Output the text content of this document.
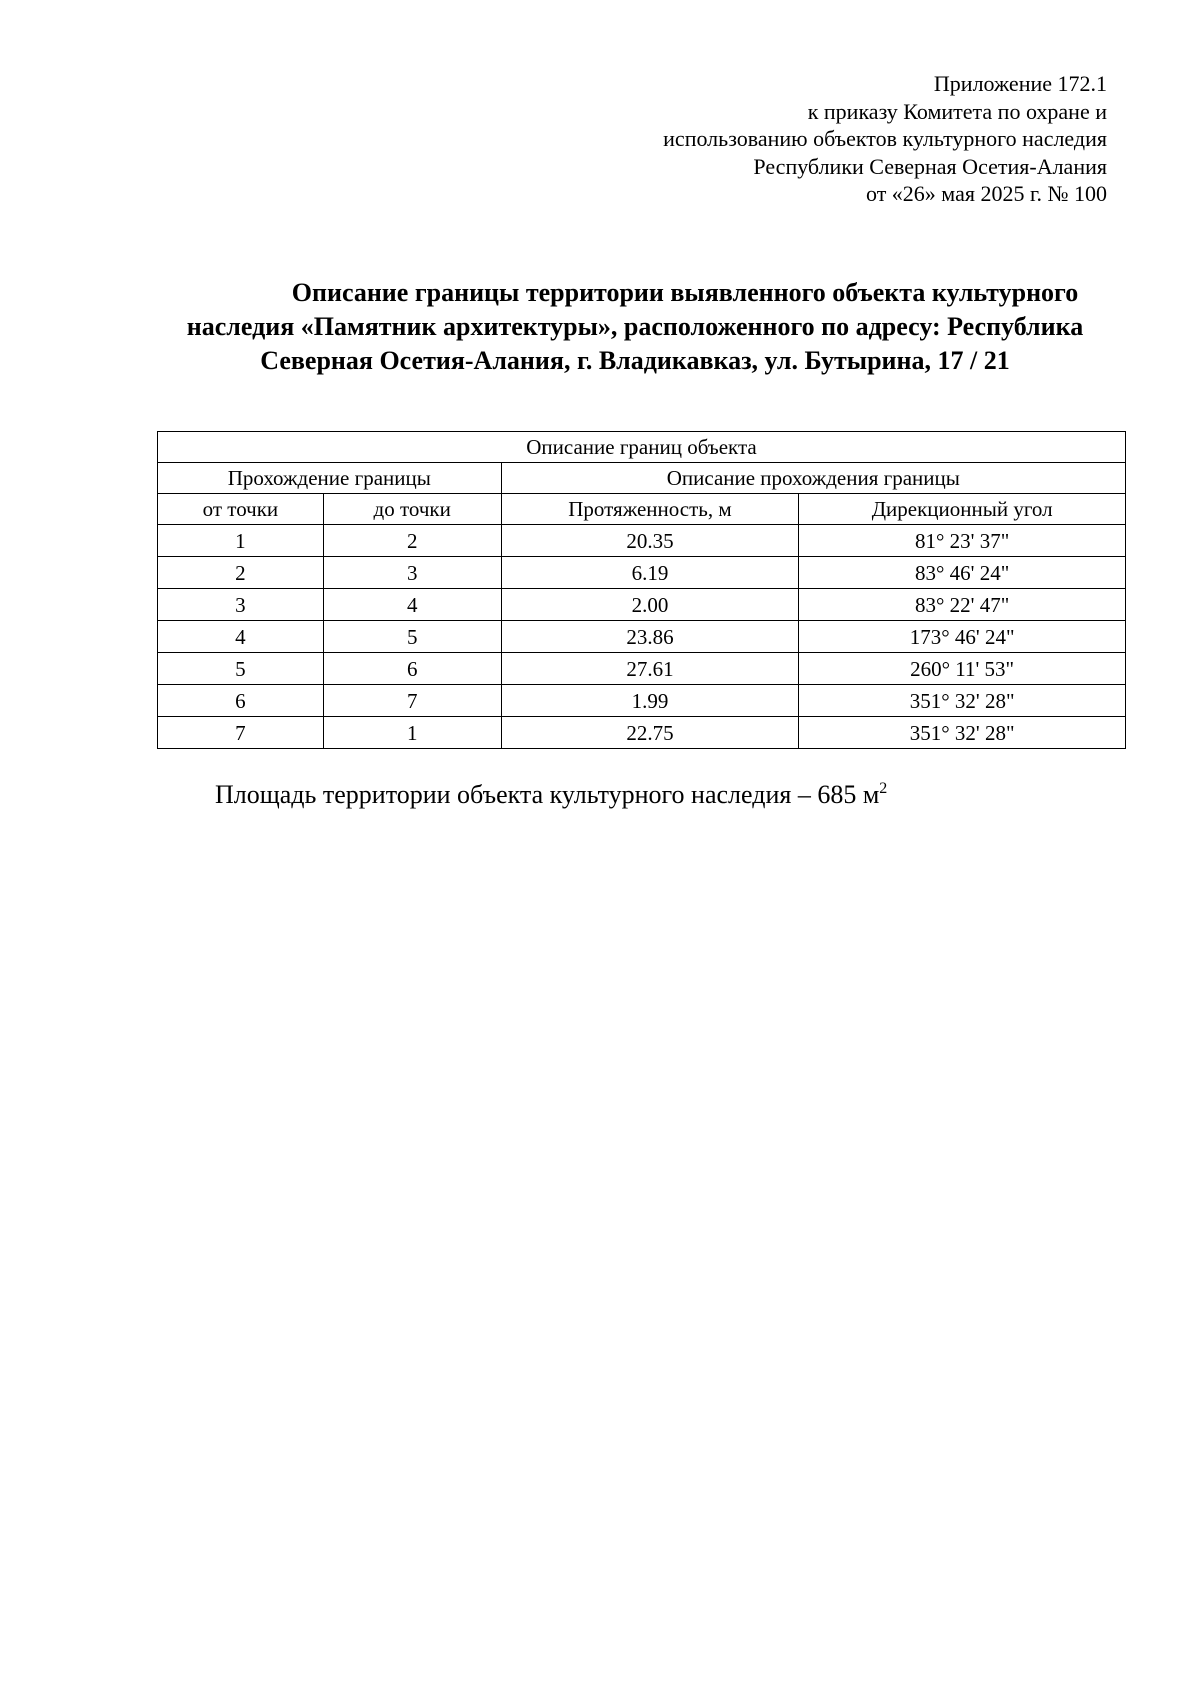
Приложение 172.1
к приказу Комитета по охране и
использованию объектов культурного наследия
Республики Северная Осетия-Алания
от «26» мая 2025 г. № 100
Описание границы территории выявленного объекта культурного
наследия «Памятник архитектуры», расположенного по адресу: Республика
Северная Осетия-Алания, г. Владикавказ, ул. Бутырина, 17 / 21
Описание границ объекта			
Прохождение границы		Описание прохождения границы	
от точки	до точки	Протяженность, м	Дирекционный угол
1	2	20.35	81° 23' 37"
2	3	6.19	83° 46' 24"
3	4	2.00	83° 22' 47"
4	5	23.86	173° 46' 24"
5	6	27.61	260° 11' 53"
6	7	1.99	351° 32' 28"
7	1	22.75	351° 32' 28"
Площадь территории объекта культурного наследия – 685 $м^2$
